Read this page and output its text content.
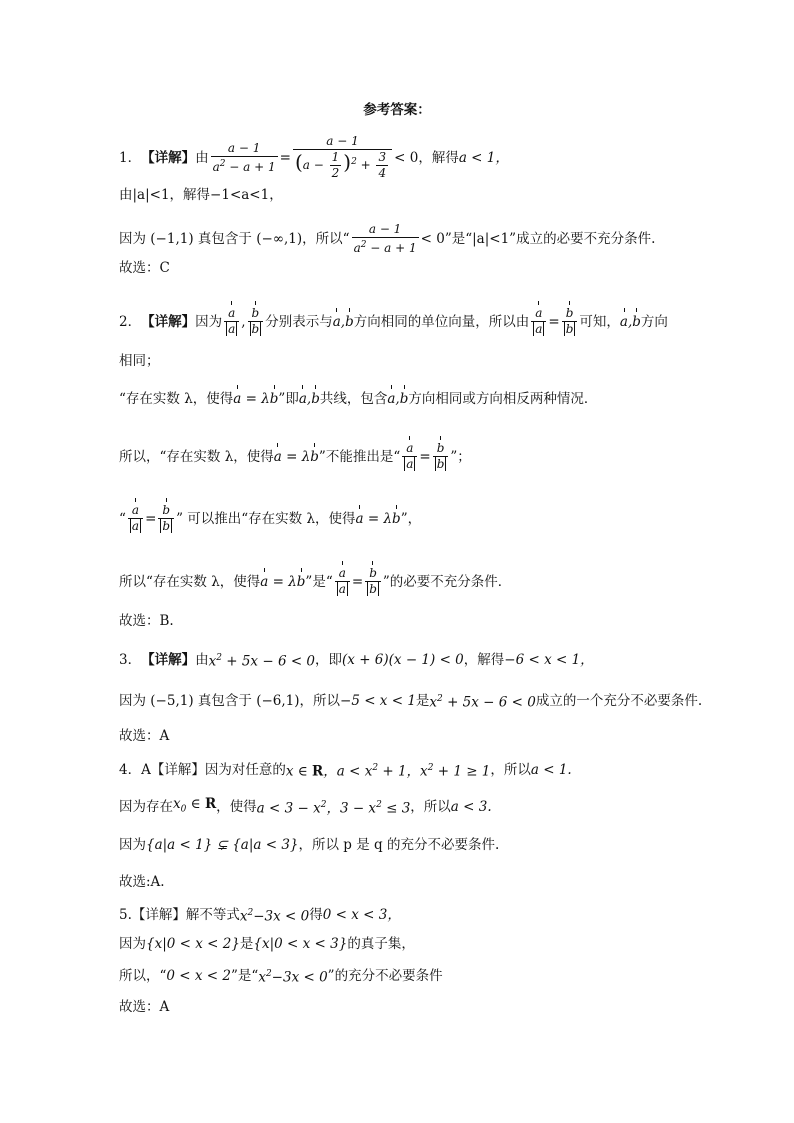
参考答案：
1． 【详解】 由 $\frac{a - 1}{a^2 - a + 1} = \frac{a - 1}{(a - \frac{1}{2} )^2 + \frac{3}{4}} < 0$ ，解得 a < 1，
由|a|<1，解得−1<a<1，
因为 (−1,1) 真包含于 (−∞,1)，所以“ $\frac{a - 1}{a^2 - a + 1} < 0$ ”是“|a|<1”成立的必要不充分条件.
故选：C
2． 【详解】 因为 $\frac{a}{a}$ , $\frac{b}{b}$ 分别表示与 a,b 方向相同的单位向量，所以由 $\frac{a}{a} = \frac{b}{b}$ 可知， a,b 方向
相同；
“存在实数 λ，使得 a = λb ”即 a,b 共线，包含 a,b 方向相同或方向相反两种情况．
所以，“存在实数 λ，使得 a = λb ”不能推出是“ $\frac{a}{a} = \frac{b}{b}$ ”；
“ $\frac{a}{a} = \frac{b}{b}$ ” 可以推出“存在实数 λ，使得 a = λb ”，
所以“存在实数 λ，使得 a = λb ”是“ $\frac{a}{a} = \frac{b}{b}$ ”的必要不充分条件．
故选：B.
3． 【详解】 由 $x^2 + 5x - 6 < 0$ ，即 (x + 6)(x − 1) < 0 ，解得 −6 < x < 1，
因为 (−5,1) 真包含于 (−6,1)，所以 −5 < x < 1 是 $x^2 + 5x - 6 < 0$ 成立的一个充分不必要条件.
故选：A
4． A【详解】因为对任意的 x ∈ R，$a < x^2 + 1$，$x^2 + 1 \ge 1$ ，所以 a < 1.
因为存在 $x_0$ ∈ R ，使得 $a < 3 - x^2$，$3 - x^2 \le 3$ ，所以 a < 3.
因为 {a|a < 1} ⊊ {a|a < 3} ，所以 p 是 q 的充分不必要条件.
故选:A.
5.【详解】解不等式 $x^2-3x < 0$ 得 0 < x < 3，
因为 {x|0 < x < 2} 是 {x|0 < x < 3} 的真子集，
所以，“ 0 < x < 2 ”是“ $x^2-3x < 0$ ”的充分不必要条件
故选：A
